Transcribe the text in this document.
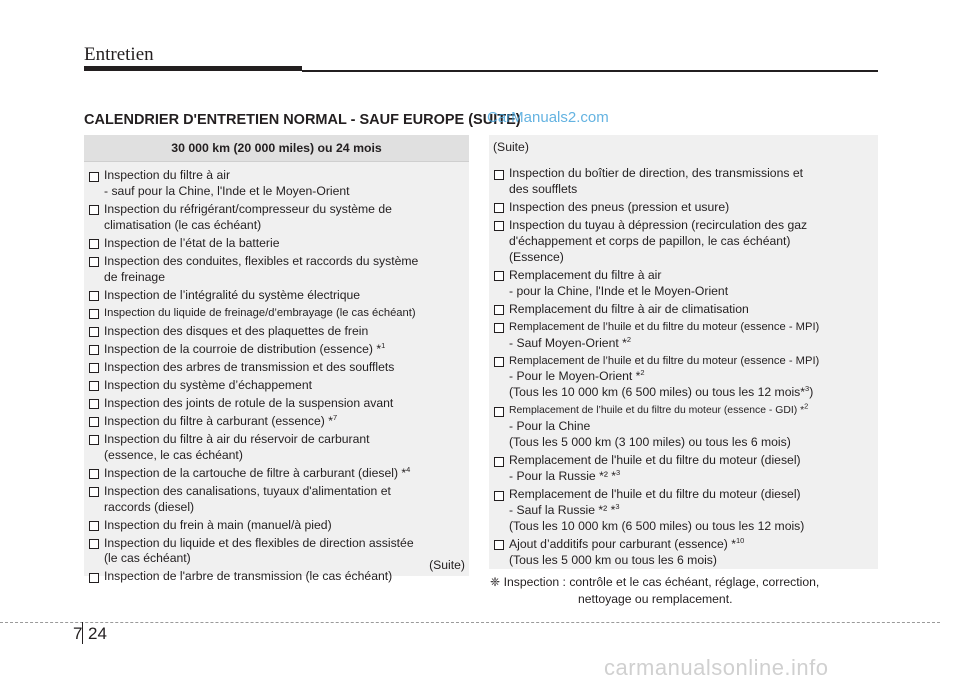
Entretien
CALENDRIER D'ENTRETIEN NORMAL - SAUF EUROPE (SUITE)
CarManuals2.com
30 000 km (20 000 miles) ou 24 mois
Inspection du filtre à air
- sauf pour la Chine, l'Inde et le Moyen-Orient
Inspection du réfrigérant/compresseur du système de
climatisation (le cas échéant)
Inspection de l’état de la batterie
Inspection des conduites, flexibles et raccords du système
de freinage
Inspection de l’intégralité du système électrique
Inspection du liquide de freinage/d’embrayage (le cas échéant)
Inspection des disques et des plaquettes de frein
Inspection de la courroie de distribution (essence) *$^1$
Inspection des arbres de transmission et des soufflets
Inspection du système d’échappement
Inspection des joints de rotule de la suspension avant
Inspection du filtre à carburant (essence) *$^7$
Inspection du filtre à air du réservoir de carburant
(essence, le cas échéant)
Inspection de la cartouche de filtre à carburant (diesel) *$^4$
Inspection des canalisations, tuyaux d'alimentation et
raccords (diesel)
Inspection du frein à main (manuel/à pied)
Inspection du liquide et des flexibles de direction assistée
(le cas échéant)
Inspection de l'arbre de transmission (le cas échéant)
(Suite)
(Suite)
Inspection du boîtier de direction, des transmissions et
des soufflets
Inspection des pneus (pression et usure)
Inspection du tuyau à dépression (recirculation des gaz
d'échappement et corps de papillon, le cas échéant)
(Essence)
Remplacement du filtre à air
- pour la Chine, l'Inde et le Moyen-Orient
Remplacement du filtre à air de climatisation
Remplacement de l’huile et du filtre du moteur (essence - MPI)
- Sauf Moyen-Orient *$^2$
Remplacement de l’huile et du filtre du moteur (essence - MPI)
- Pour le Moyen-Orient *$^2$
(Tous les 10 000 km (6 500 miles) ou tous les 12 mois*$^3$)
Remplacement de l’huile et du filtre du moteur (essence - GDI) *$^2$
- Pour la Chine
(Tous les 5 000 km (3 100 miles) ou tous les 6 mois)
Remplacement de l'huile et du filtre du moteur (diesel)
- Pour la Russie *² *$^3$
Remplacement de l'huile et du filtre du moteur (diesel)
- Sauf la Russie *² *$^3$
(Tous les 10 000 km (6 500 miles) ou tous les 12 mois)
Ajout d’additifs pour carburant (essence) *$^{10}$
(Tous les 5 000 km ou tous les 6 mois)
❈ Inspection : contrôle et le cas échéant, réglage, correction,
nettoyage ou remplacement.
7 24
carmanualsonline.info
